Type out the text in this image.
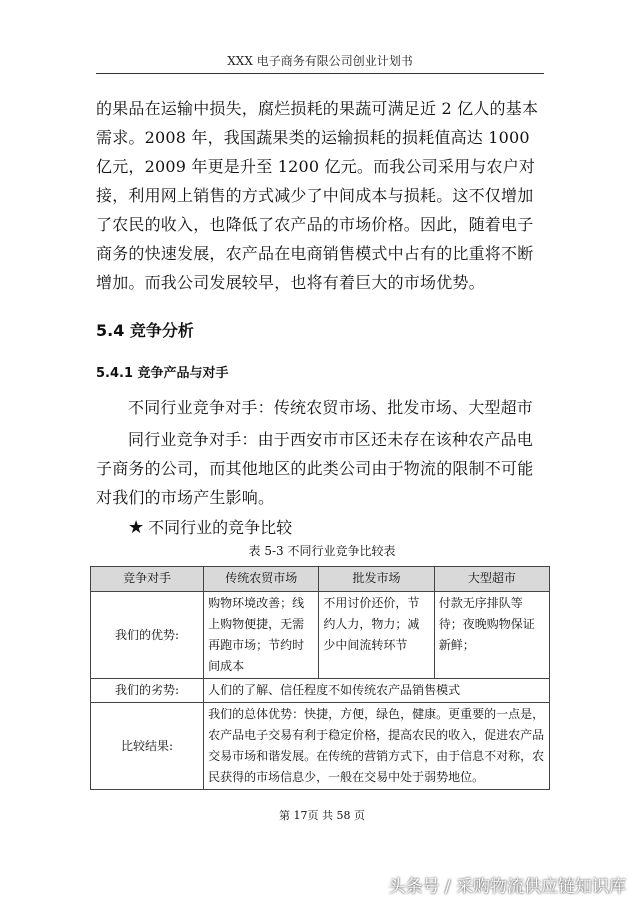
XXX 电子商务有限公司创业计划书

的果品在运输中损失，腐烂损耗的果蔬可满足近 2 亿人的基本需求。2008 年，我国蔬果类的运输损耗的损耗值高达 1000 亿元，2009 年更是升至 1200 亿元。而我公司采用与农户对接，利用网上销售的方式减少了中间成本与损耗。这不仅增加了农民的收入，也降低了农产品的市场价格。因此，随着电子商务的快速发展，农产品在电商销售模式中占有的比重将不断增加。而我公司发展较早，也将有着巨大的市场优势。

5.4 竞争分析
5.4.1 竞争产品与对手

不同行业竞争对手：传统农贸市场、批发市场、大型超市

同行业竞争对手：由于西安市市区还未存在该种农产品电子商务的公司，而其他地区的此类公司由于物流的限制不可能对我们的市场产生影响。

★ 不同行业的竞争比较
表 5-3 不同行业竞争比较表
竞争对手	传统农贸市场	批发市场	大型超市
我们的优势:	购物环境改善；线上购物便捷，无需再跑市场；节约时间成本	不用讨价还价，节约人力，物力；减少中间流转环节	付款无序排队等待；夜晚购物保证新鲜；
我们的劣势:	人们的了解、信任程度不如传统农产品销售模式		
比较结果:	我们的总体优势：快捷，方便，绿色，健康。更重要的一点是，农产品电子交易有利于稳定价格，提高农民的收入，促进农产品交易市场和谐发展。在传统的营销方式下，由于信息不对称，农民获得的市场信息少，一般在交易中处于弱势地位。		
第 17页 共 58 页
头条号 / 采购物流供应链知识库
